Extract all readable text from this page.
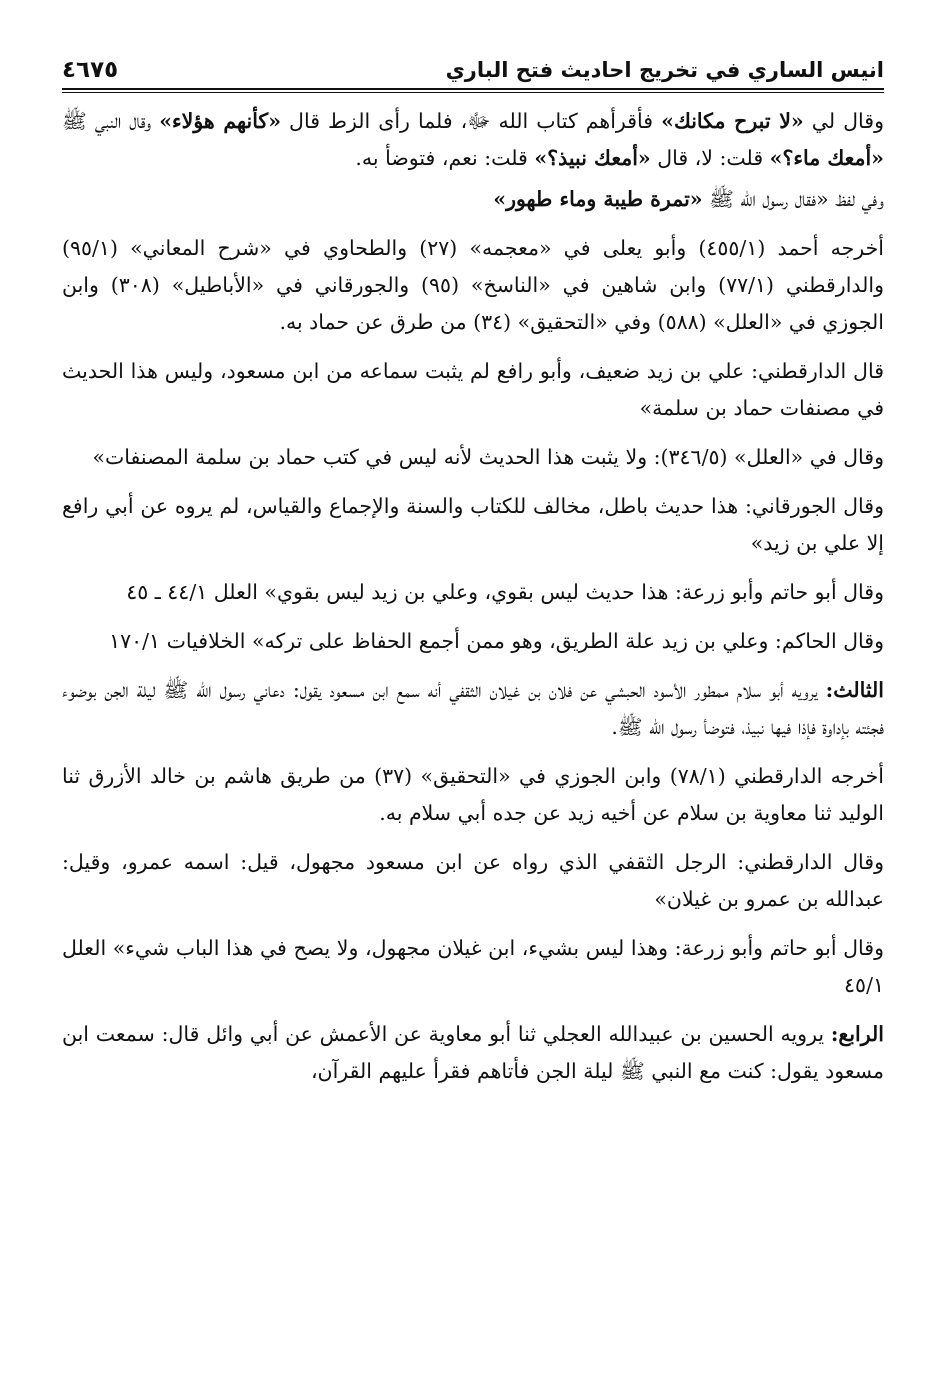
انيس الساري في تخريج احاديث فتح الباري
٤٦٧٥

وقال لي «لا تبرح مكانك» فأقرأهم كتاب الله ﷻ، فلما رأى الزط قال «كأنهم هؤلاء» وقال النبي ﷺ «أمعك ماء؟» قلت: لا، قال «أمعك نبيذ؟» قلت: نعم، فتوضأ به.

وفي لفظ «فقال رسول الله ﷺ «تمرة طيبة وماء طهور»

أخرجه أحمد (٤٥٥/١) وأبو يعلى في «معجمه» (٢٧) والطحاوي في «شرح المعاني» (٩٥/١) والدارقطني (٧٧/١) وابن شاهين في «الناسخ» (٩٥) والجورقاني في «الأباطيل» (٣٠٨) وابن الجوزي في «العلل» (٥٨٨) وفي «التحقيق» (٣٤) من طرق عن حماد به.

قال الدارقطني: علي بن زيد ضعيف، وأبو رافع لم يثبت سماعه من ابن مسعود، وليس هذا الحديث في مصنفات حماد بن سلمة»

وقال في «العلل» (٣٤٦/٥): ولا يثبت هذا الحديث لأنه ليس في كتب حماد بن سلمة المصنفات»

وقال الجورقاني: هذا حديث باطل، مخالف للكتاب والسنة والإجماع والقياس، لم يروه عن أبي رافع إلا علي بن زيد»

وقال أبو حاتم وأبو زرعة: هذا حديث ليس بقوي، وعلي بن زيد ليس بقوي» العلل ٤٤/١ ـ ٤٥

وقال الحاكم: وعلي بن زيد علة الطريق، وهو ممن أجمع الحفاظ على تركه» الخلافيات ١٧٠/١

الثالث: يرويه أبو سلام ممطور الأسود الحبشي عن فلان بن غيلان الثقفي أنه سمع ابن مسعود يقول: دعاني رسول الله ﷺ ليلة الجن بوضوء فجئته بإداوة فإذا فيها نبيذ، فتوضأ رسول الله ﷺ.

أخرجه الدارقطني (٧٨/١) وابن الجوزي في «التحقيق» (٣٧) من طريق هاشم بن خالد الأزرق ثنا الوليد ثنا معاوية بن سلام عن أخيه زيد عن جده أبي سلام به.

وقال الدارقطني: الرجل الثقفي الذي رواه عن ابن مسعود مجهول، قيل: اسمه عمرو، وقيل: عبدالله بن عمرو بن غيلان»

وقال أبو حاتم وأبو زرعة: وهذا ليس بشيء، ابن غيلان مجهول، ولا يصح في هذا الباب شيء» العلل ٤٥/١

الرابع: يرويه الحسين بن عبيدالله العجلي ثنا أبو معاوية عن الأعمش عن أبي وائل قال: سمعت ابن مسعود يقول: كنت مع النبي ﷺ ليلة الجن فأتاهم فقرأ عليهم القرآن،
